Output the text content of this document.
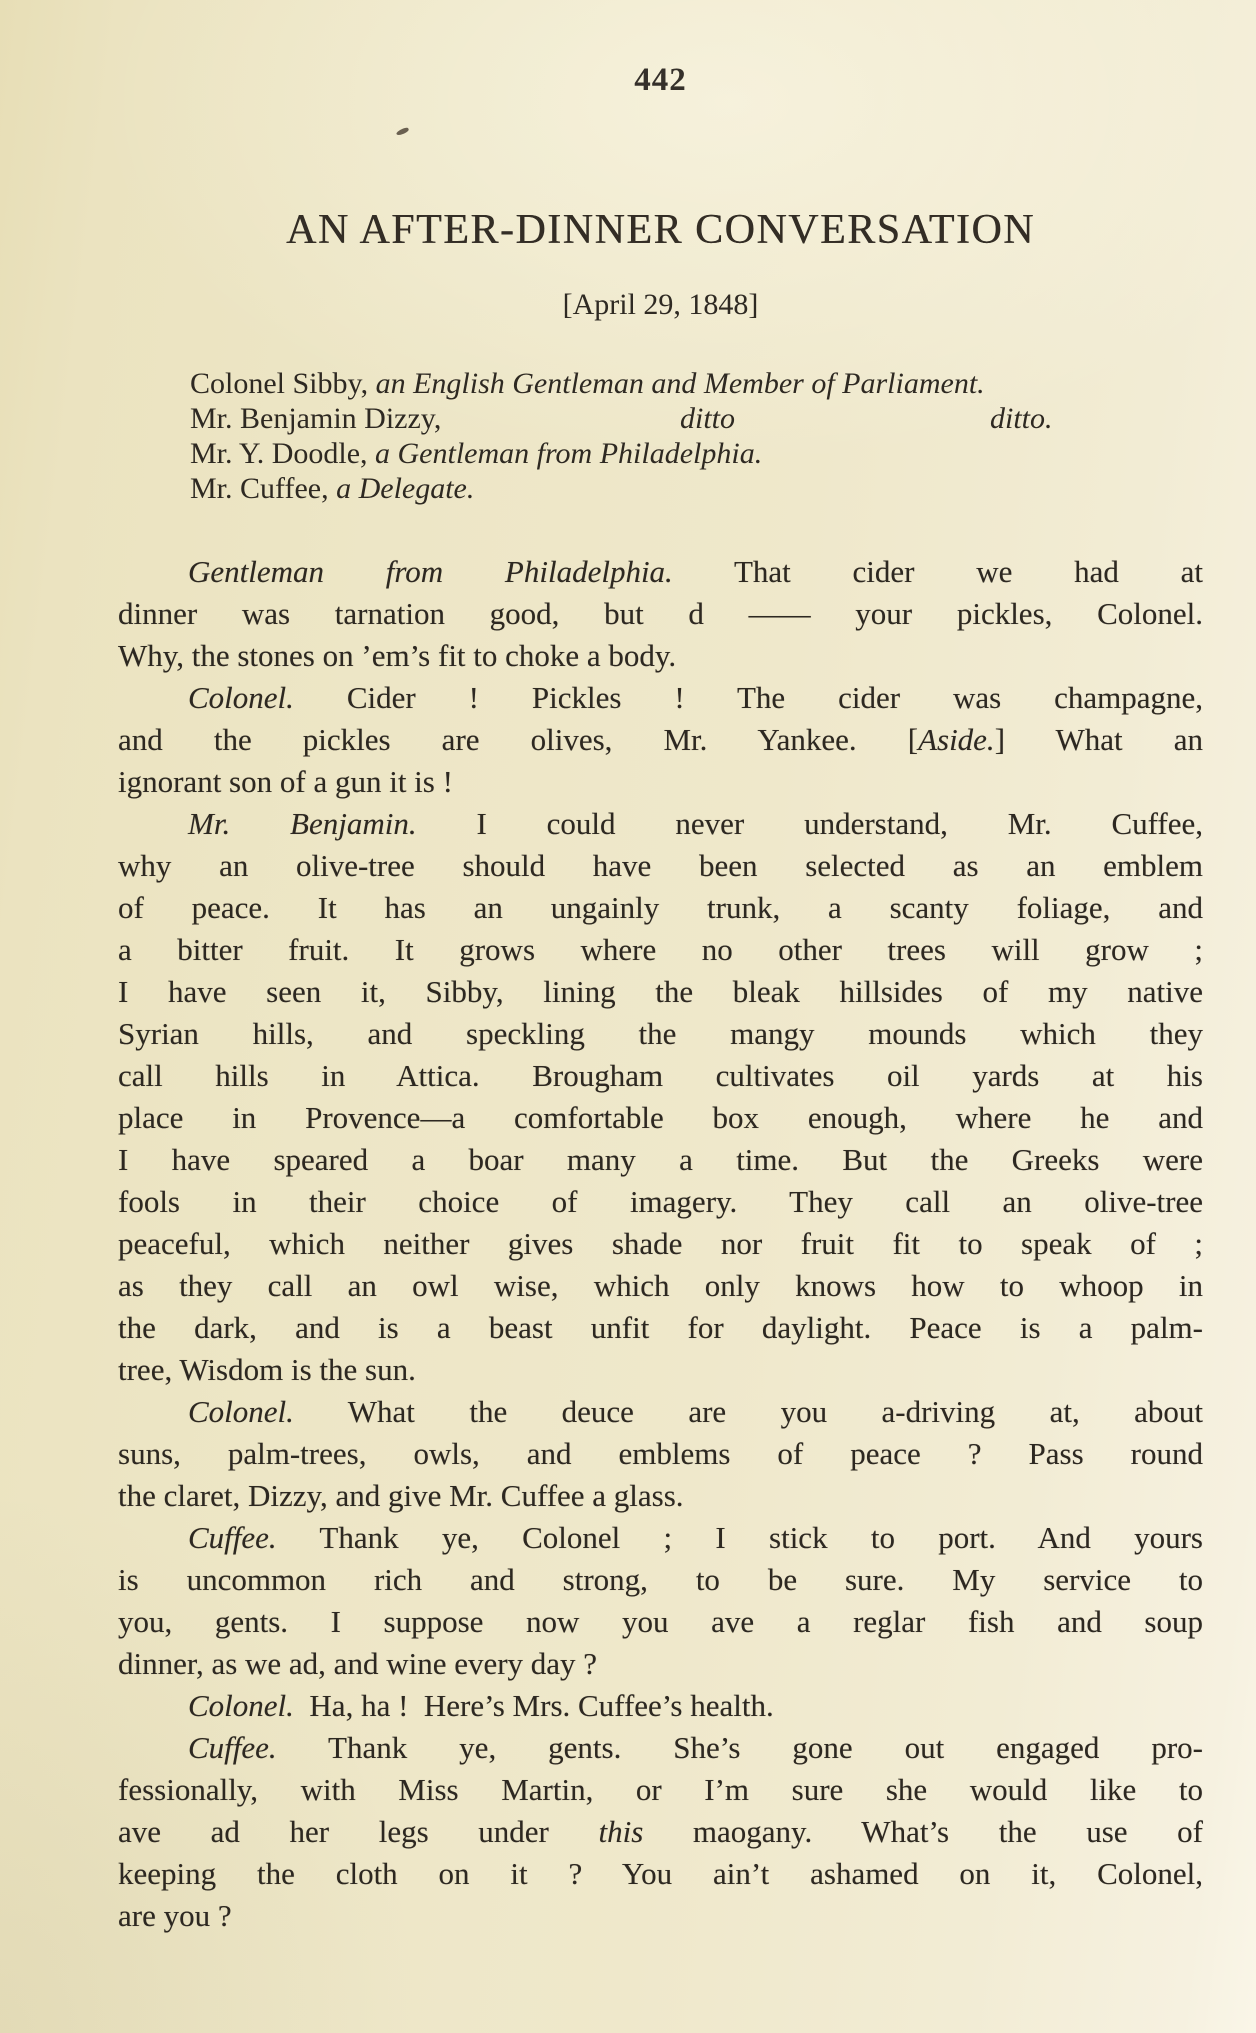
442
AN AFTER-DINNER CONVERSATION
[April 29, 1848]
Colonel Sibby, an English Gentleman and Member of Parliament.
Mr. Benjamin Dizzy,	ditto	ditto.
Mr. Y. Doodle, a Gentleman from Philadelphia.
Mr. Cuffee, a Delegate.
Gentleman from Philadelphia. That cider we had at
dinner was tarnation good, but d —— your pickles, Colonel.
Why, the stones on ’em’s fit to choke a body.
Colonel. Cider ! Pickles ! The cider was champagne,
and the pickles are olives, Mr. Yankee. [Aside.] What an
ignorant son of a gun it is !
Mr. Benjamin. I could never understand, Mr. Cuffee,
why an olive-tree should have been selected as an emblem
of peace. It has an ungainly trunk, a scanty foliage, and
a bitter fruit. It grows where no other trees will grow ;
I have seen it, Sibby, lining the bleak hillsides of my native
Syrian hills, and speckling the mangy mounds which they
call hills in Attica. Brougham cultivates oil yards at his
place in Provence—a comfortable box enough, where he and
I have speared a boar many a time. But the Greeks were
fools in their choice of imagery. They call an olive-tree
peaceful, which neither gives shade nor fruit fit to speak of ;
as they call an owl wise, which only knows how to whoop in
the dark, and is a beast unfit for daylight. Peace is a palm-
tree, Wisdom is the sun.
Colonel. What the deuce are you a-driving at, about
suns, palm-trees, owls, and emblems of peace ? Pass round
the claret, Dizzy, and give Mr. Cuffee a glass.
Cuffee. Thank ye, Colonel ; I stick to port. And yours
is uncommon rich and strong, to be sure. My service to
you, gents. I suppose now you ave a reglar fish and soup
dinner, as we ad, and wine every day ?
Colonel.  Ha, ha !  Here’s Mrs. Cuffee’s health.
Cuffee. Thank ye, gents. She’s gone out engaged pro-
fessionally, with Miss Martin, or I’m sure she would like to
ave ad her legs under this maogany. What’s the use of
keeping the cloth on it ? You ain’t ashamed on it, Colonel,
are you ?
